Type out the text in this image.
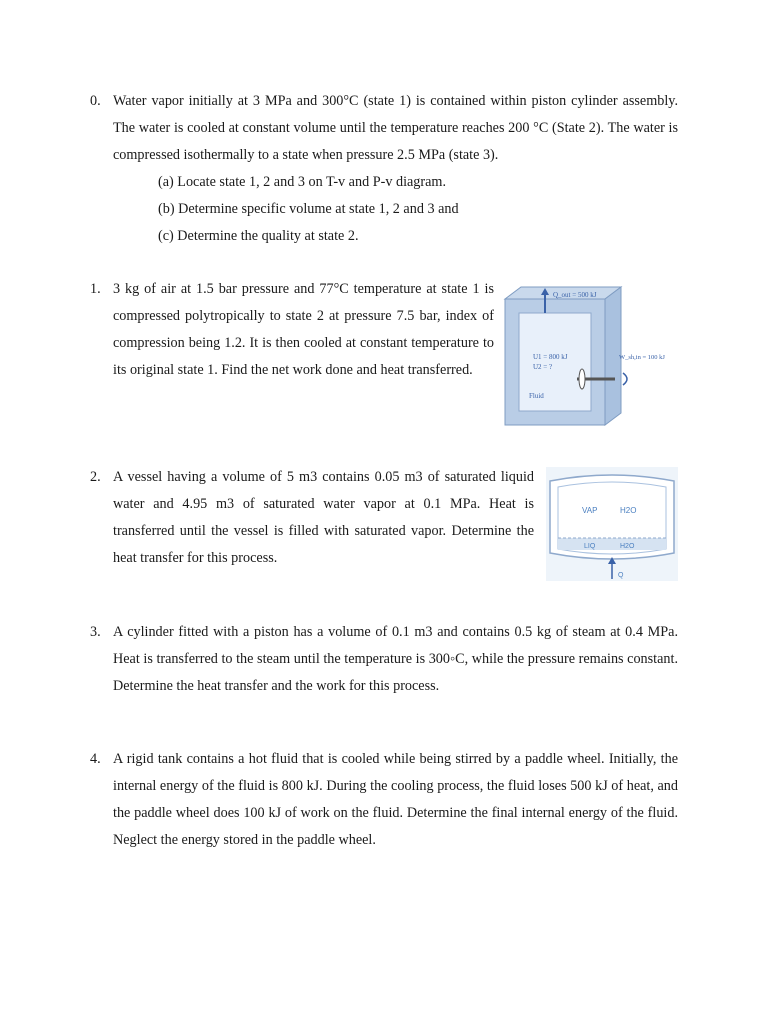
0. Water vapor initially at 3 MPa and 300°C (state 1) is contained within piston cylinder assembly. The water is cooled at constant volume until the temperature reaches 200 °C (State 2). The water is compressed isothermally to a state when pressure 2.5 MPa (state 3).
(a) Locate state 1, 2 and 3 on T-v and P-v diagram.
(b) Determine specific volume at state 1, 2 and 3 and
(c) Determine the quality at state 2.
1. 3 kg of air at 1.5 bar pressure and 77°C temperature at state 1 is compressed polytropically to state 2 at pressure 7.5 bar, index of compression being 1.2. It is then cooled at constant temperature to its original state 1. Find the net work done and heat transferred.
Q_out = 500 kJ
U1 = 800 kJ
U2 = ?
W_sh,in = 100 kJ
Fluid
2. A vessel having a volume of 5 m3 contains 0.05 m3 of saturated liquid water and 4.95 m3 of saturated water vapor at 0.1 MPa. Heat is transferred until the vessel is filled with saturated vapor. Determine the heat transfer for this process.
VAP	H2O
LIQ	H2O
Q
3. A cylinder fitted with a piston has a volume of 0.1 m3 and contains 0.5 kg of steam at 0.4 MPa. Heat is transferred to the steam until the temperature is 300◦C, while the pressure remains constant. Determine the heat transfer and the work for this process.
4. A rigid tank contains a hot fluid that is cooled while being stirred by a paddle wheel. Initially, the internal energy of the fluid is 800 kJ. During the cooling process, the fluid loses 500 kJ of heat, and the paddle wheel does 100 kJ of work on the fluid. Determine the final internal energy of the fluid. Neglect the energy stored in the paddle wheel.
